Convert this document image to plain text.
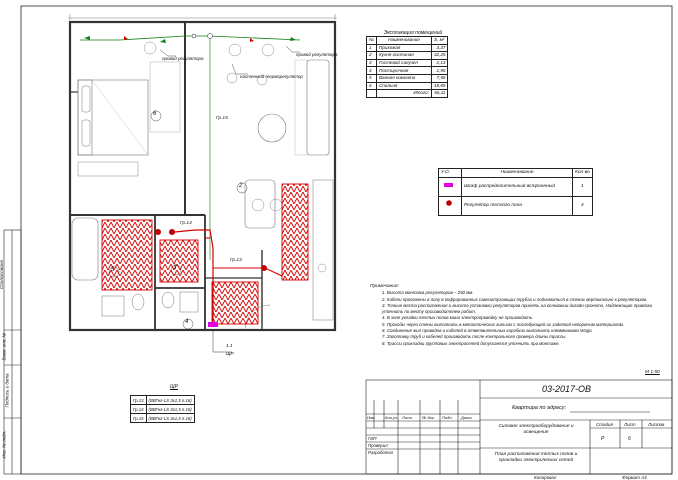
6
2
5	3
4
провод регулятора
провод регулятора
настенный терморегулятор
Гр.15
Гр.14
Гр.13
1.1
ЩР
Экспликация помещений
№	Наименование	S, м²
1	Прихожая	3,37
2	Кухня-гостиная	32,25
3	Гостевой санузел	2,13
4	Постирочная	1,95
5	Ванная комната	7,56
6	Спальня	18,85
	Итого:	66,11
У.О.	Наименование	Кол-во
	Шкаф распределительный встроенный	1
	Регулятор теплого пола	4

Примечания:

1. Высота монтажа регуляторов – 250 мм.

2. Кабели проложены в полу в гофрированных самозатухающих трубах и подниматься в стенах вертикально к регулятором.

3. Точные места расположения и высота установки регуляторов принять на основании дизайн-проекта. Надлежащие привязки уточнить по месту производителем работ.

4. В зоне укладки теплых полов мини электропроводку не производить.

5. Проходы через стены выполнить в металлических гильзах с последующей их заделкой негорючим материалом.

6. Соединение жил проводов и кабелей в ответвительных коробках выполнить клеммниками Wago.

7. Заготовку труб и кабелей производить после контрольного промера длины трассы.

8. Трассы прокладки групповых электросетей допускается уточнить при монтаже.

М 1:50
ЩР
Гр.13	(ВВГнг-LS 3х1,5 п.16)
Гр.14	(ВВГнг-LS 3х1,5 п.16)
Гр.15	(ВВГнг-LS 3х1,5 п.16)
Согласовано
Взам. инв. №
Подпись и дата
Инв. № подл.
03-2017-ОВ
Квартира по адресу:
Изм. Кол.уч. Лист № док. Подп. Дата
ГИП
Проверил
Разработал
Силовое электрооборудование и освещение
План расположения теплых полов и прокладки электрических сетей
Стадия Лист	Листов
Р	6
Копировал	Формат А3
